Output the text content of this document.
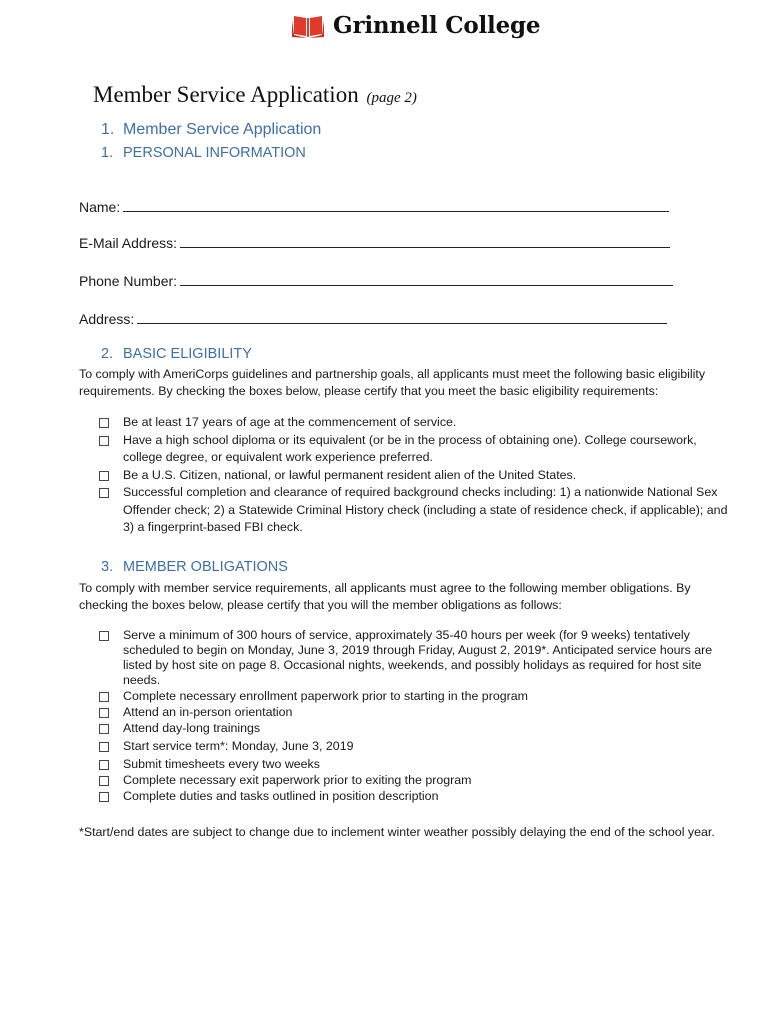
Grinnell College
Member Service Application (page 2)
1. Member Service Application
1. PERSONAL INFORMATION
Name:
E-Mail Address:
Phone Number:
Address:
2. BASIC ELIGIBILITY
To comply with AmeriCorps guidelines and partnership goals, all applicants must meet the following basic eligibility requirements. By checking the boxes below, please certify that you meet the basic eligibility requirements:
Be at least 17 years of age at the commencement of service.
Have a high school diploma or its equivalent (or be in the process of obtaining one). College coursework, college degree, or equivalent work experience preferred.
Be a U.S. Citizen, national, or lawful permanent resident alien of the United States.
Successful completion and clearance of required background checks including: 1) a nationwide National Sex Offender check; 2) a Statewide Criminal History check (including a state of residence check, if applicable); and 3) a fingerprint-based FBI check.
3. MEMBER OBLIGATIONS
To comply with member service requirements, all applicants must agree to the following member obligations. By checking the boxes below, please certify that you will the member obligations as follows:
Serve a minimum of 300 hours of service, approximately 35-40 hours per week (for 9 weeks) tentatively scheduled to begin on Monday, June 3, 2019 through Friday, August 2, 2019*. Anticipated service hours are listed by host site on page 8. Occasional nights, weekends, and possibly holidays as required for host site needs.
Complete necessary enrollment paperwork prior to starting in the program
Attend an in-person orientation
Attend day-long trainings
Start service term*: Monday, June 3, 2019
Submit timesheets every two weeks
Complete necessary exit paperwork prior to exiting the program
Complete duties and tasks outlined in position description
*Start/end dates are subject to change due to inclement winter weather possibly delaying the end of the school year.
